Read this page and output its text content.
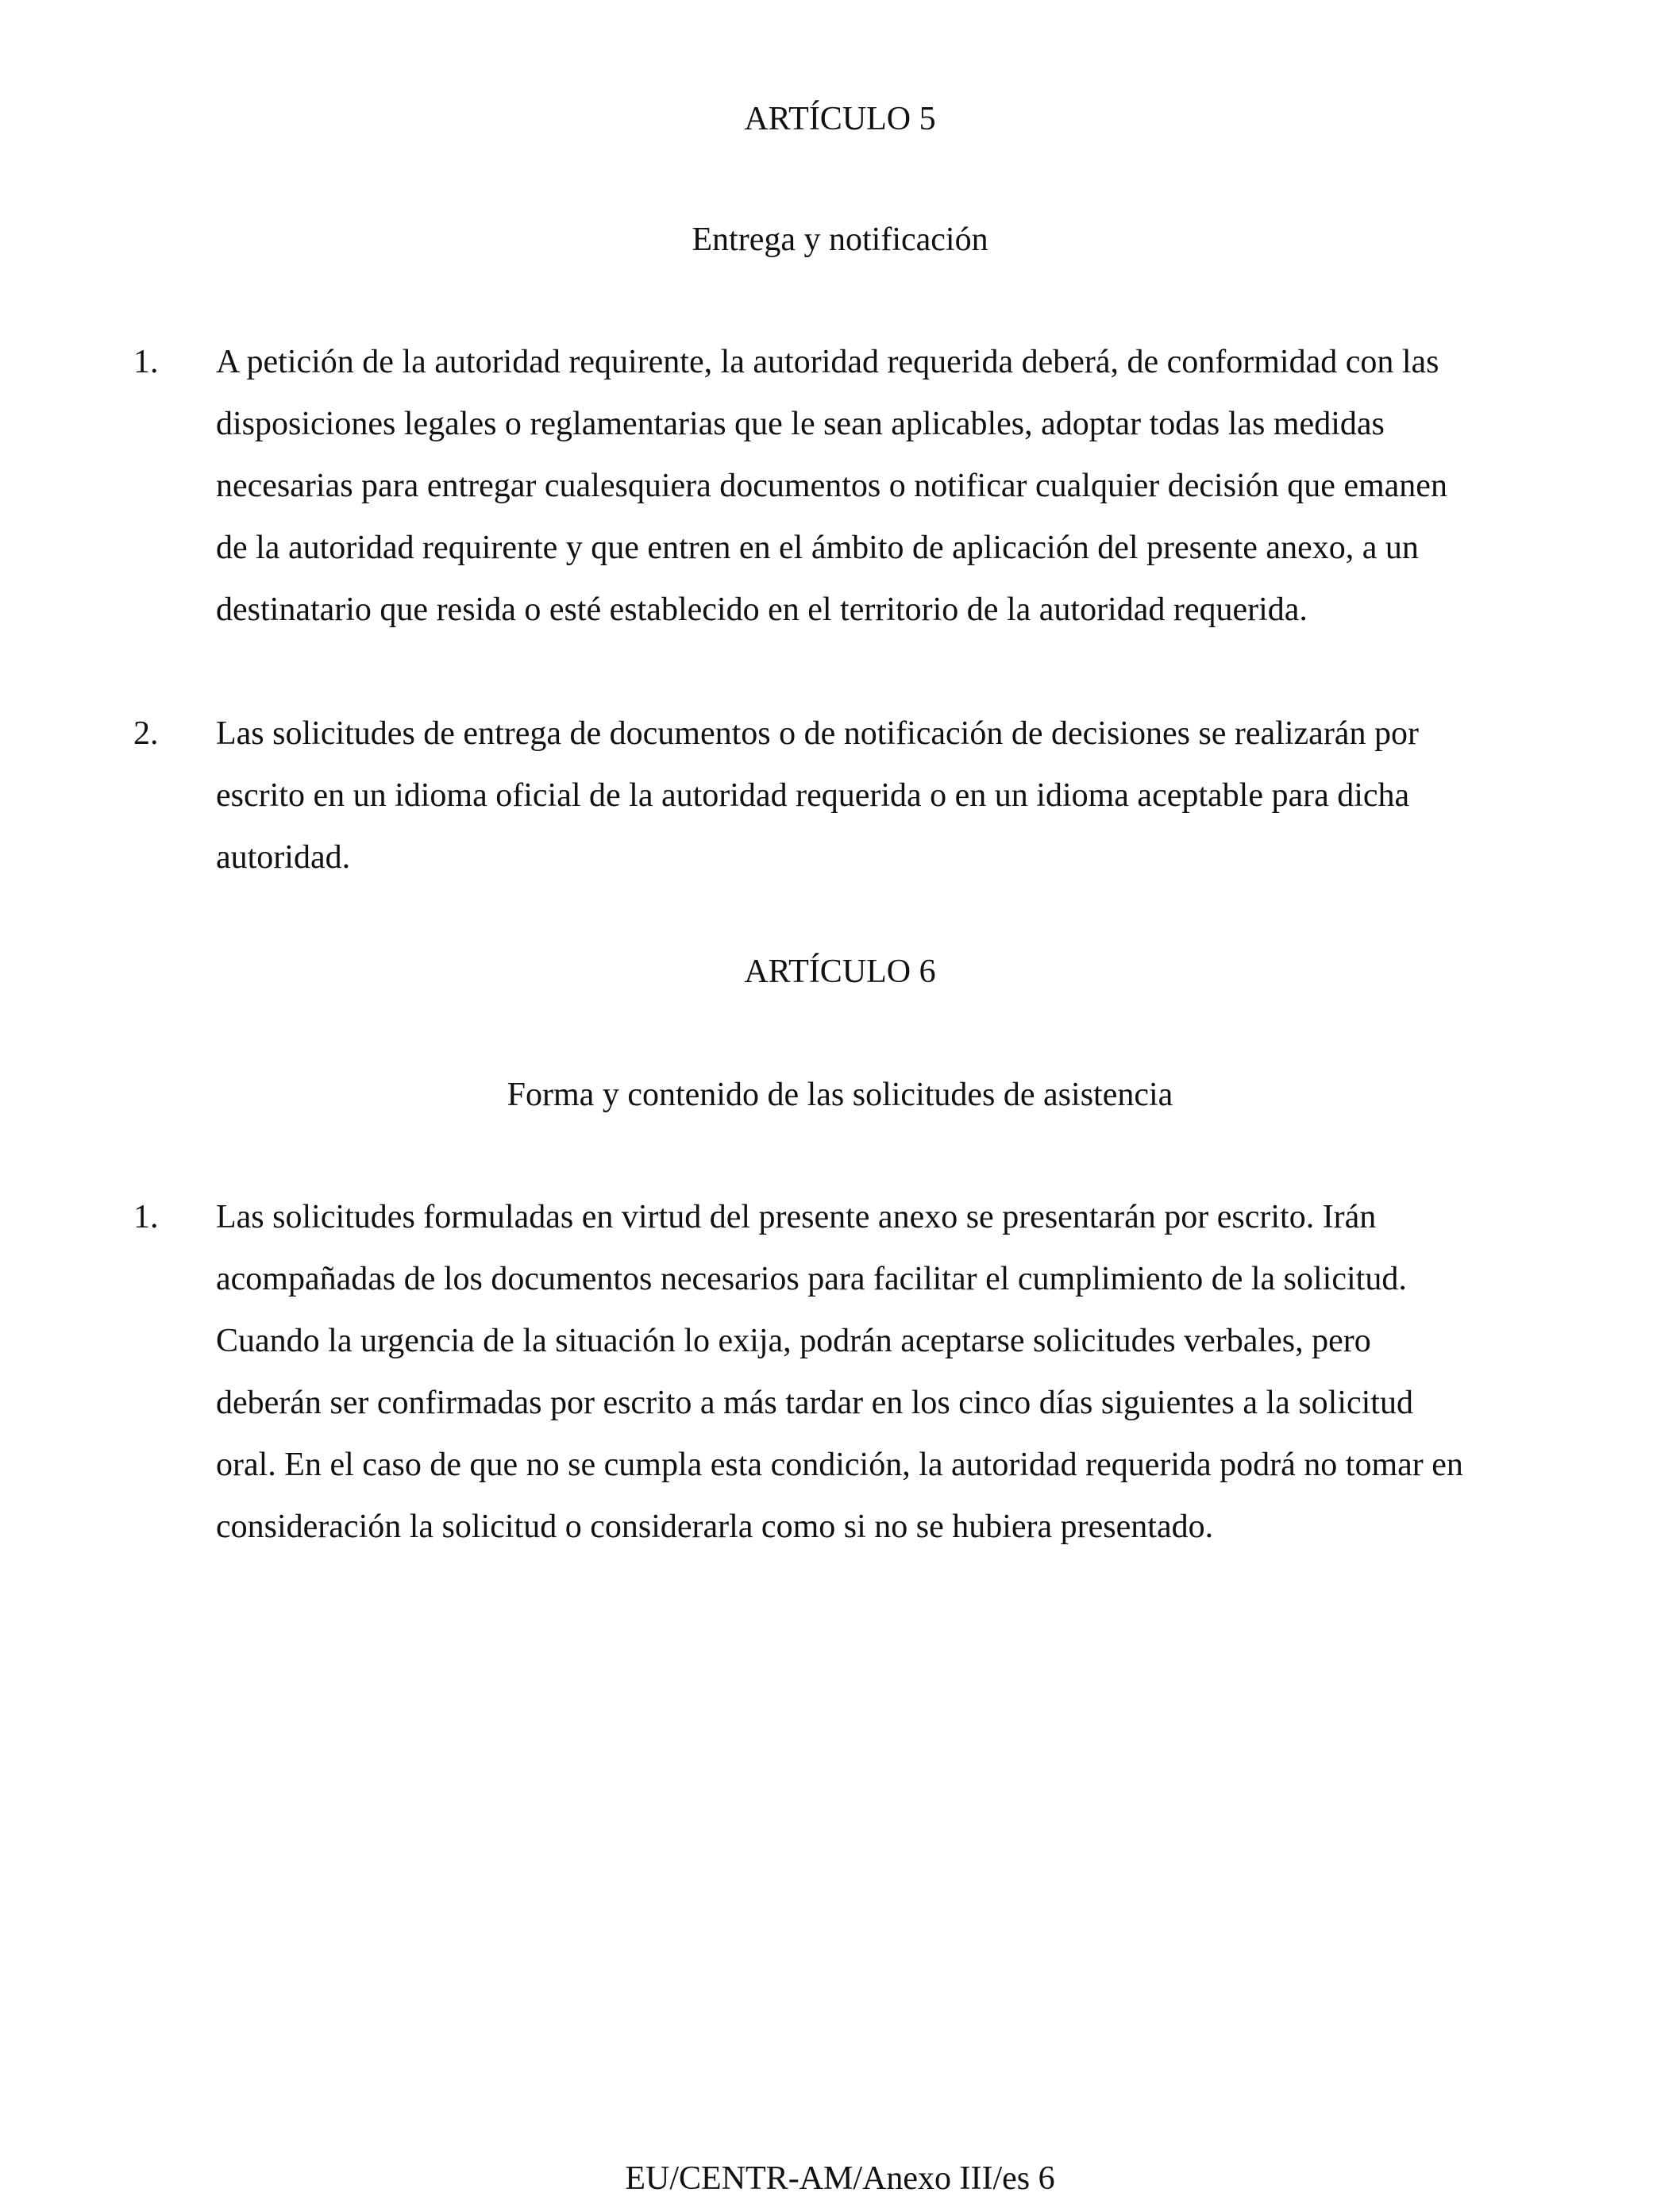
ARTÍCULO 5
Entrega y notificación
1. A petición de la autoridad requirente, la autoridad requerida deberá, de conformidad con las
disposiciones legales o reglamentarias que le sean aplicables, adoptar todas las medidas
necesarias para entregar cualesquiera documentos o notificar cualquier decisión que emanen
de la autoridad requirente y que entren en el ámbito de aplicación del presente anexo, a un
destinatario que resida o esté establecido en el territorio de la autoridad requerida.
2. Las solicitudes de entrega de documentos o de notificación de decisiones se realizarán por
escrito en un idioma oficial de la autoridad requerida o en un idioma aceptable para dicha
autoridad.
ARTÍCULO 6
Forma y contenido de las solicitudes de asistencia
1. Las solicitudes formuladas en virtud del presente anexo se presentarán por escrito. Irán
acompañadas de los documentos necesarios para facilitar el cumplimiento de la solicitud.
Cuando la urgencia de la situación lo exija, podrán aceptarse solicitudes verbales, pero
deberán ser confirmadas por escrito a más tardar en los cinco días siguientes a la solicitud
oral. En el caso de que no se cumpla esta condición, la autoridad requerida podrá no tomar en
consideración la solicitud o considerarla como si no se hubiera presentado.
EU/CENTR-AM/Anexo III/es 6
